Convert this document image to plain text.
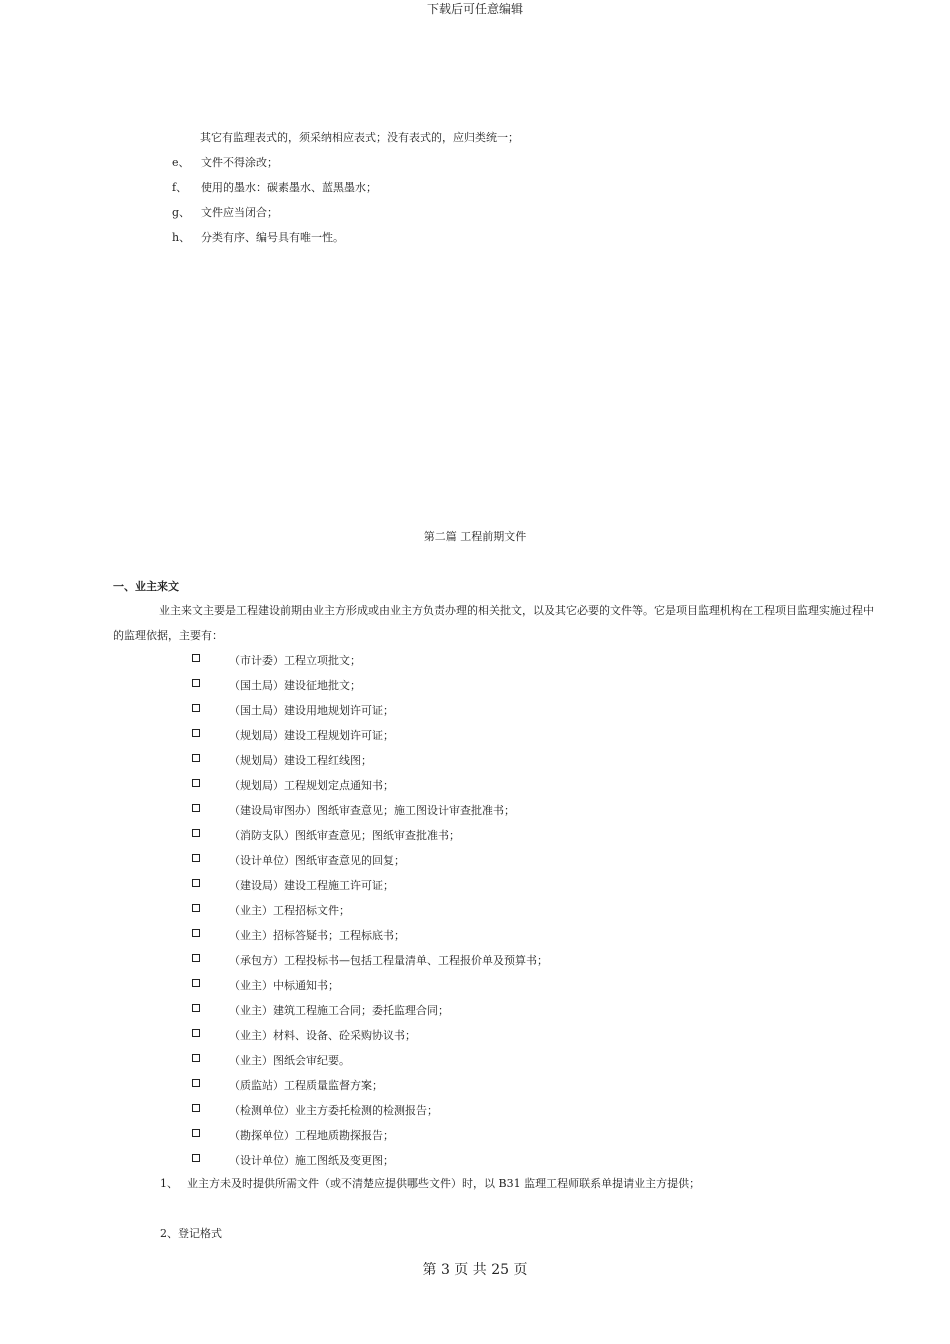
下载后可任意编辑
其它有监理表式的，须采纳相应表式；没有表式的，应归类统一；
e、 文件不得涂改；
f、 使用的墨水：碳素墨水、蓝黑墨水；
g、 文件应当闭合；
h、 分类有序、编号具有唯一性。
第二篇 工程前期文件
一、业主来文
业主来文主要是工程建设前期由业主方形成或由业主方负责办理的相关批文，以及其它必要的文件等。它是项目监理机构在工程项目监理实施过程中的监理依据，主要有：
（市计委）工程立项批文；
（国土局）建设征地批文；
（国土局）建设用地规划许可证；
（规划局）建设工程规划许可证；
（规划局）建设工程红线图；
（规划局）工程规划定点通知书；
（建设局审图办）图纸审查意见；施工图设计审查批准书；
（消防支队）图纸审查意见；图纸审查批准书；
（设计单位）图纸审查意见的回复；
（建设局）建设工程施工许可证；
（业主）工程招标文件；
（业主）招标答疑书；工程标底书；
（承包方）工程投标书—包括工程量清单、工程报价单及预算书；
（业主）中标通知书；
（业主）建筑工程施工合同；委托监理合同；
（业主）材料、设备、砼采购协议书；
（业主）图纸会审纪要。
（质监站）工程质量监督方案；
（检测单位）业主方委托检测的检测报告；
（勘探单位）工程地质勘探报告；
（设计单位）施工图纸及变更图；
1、 业主方未及时提供所需文件（或不清楚应提供哪些文件）时，以 B31 监理工程师联系单提请业主方提供；
2、登记格式
第 3 页 共 25 页
